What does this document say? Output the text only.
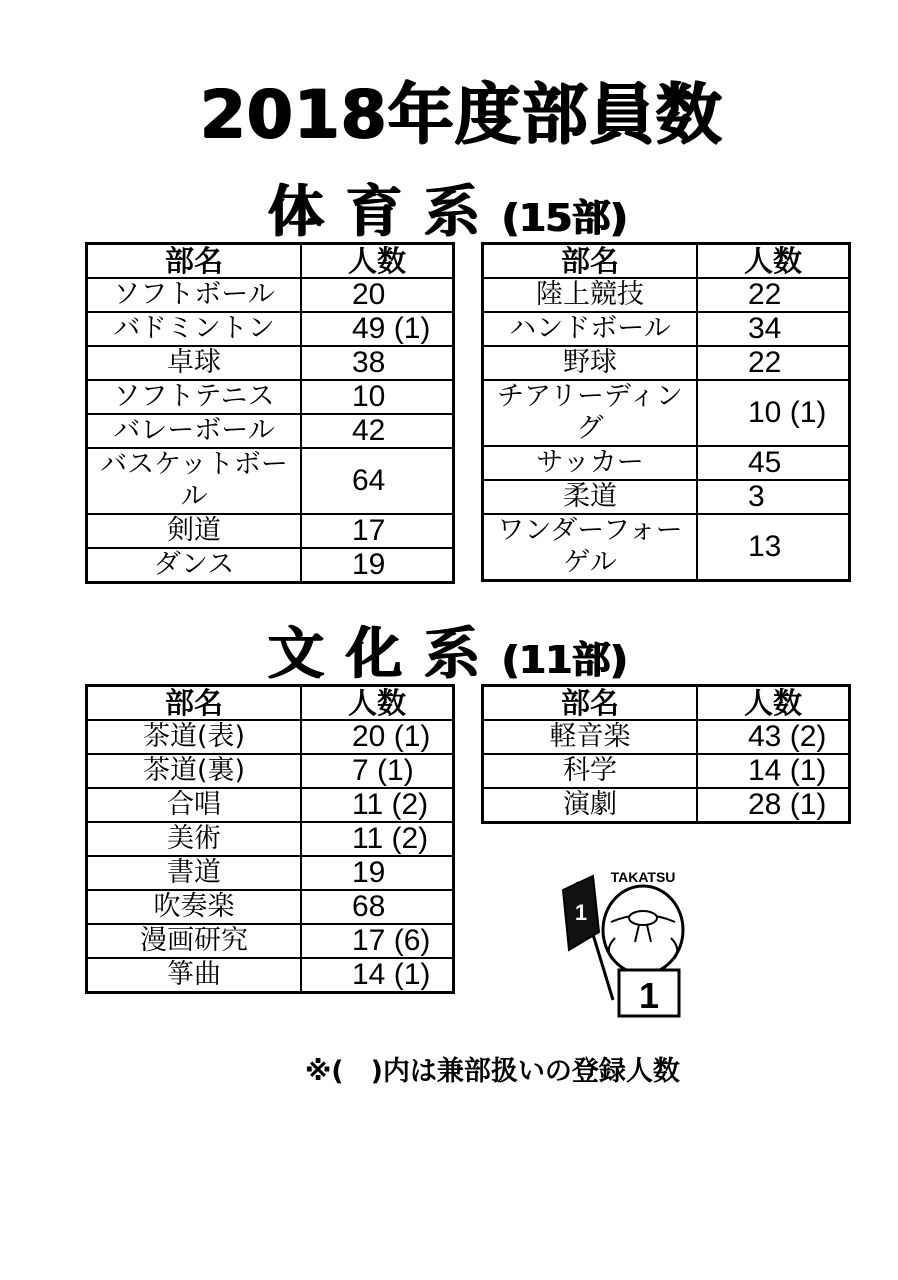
2018年度部員数
体育系(15部)
部名	人数
ソフトボール	20
バドミントン	49 (1)
卓球	38
ソフトテニス	10
バレーボール	42
バスケットボール	64
剣道	17
ダンス	19
部名	人数
陸上競技	22
ハンドボール	34
野球	22
チアリーディング	10 (1)
サッカー	45
柔道	3
ワンダーフォーゲル	13
文化系(11部)
部名	人数
茶道(表)	20 (1)
茶道(裏)	7 (1)
合唱	11 (2)
美術	11 (2)
書道	19
吹奏楽	68
漫画研究	17 (6)
箏曲	14 (1)
部名	人数
軽音楽	43 (2)
科学	14 (1)
演劇	28 (1)
1
TAKATSU
1
※(　)内は兼部扱いの登録人数
